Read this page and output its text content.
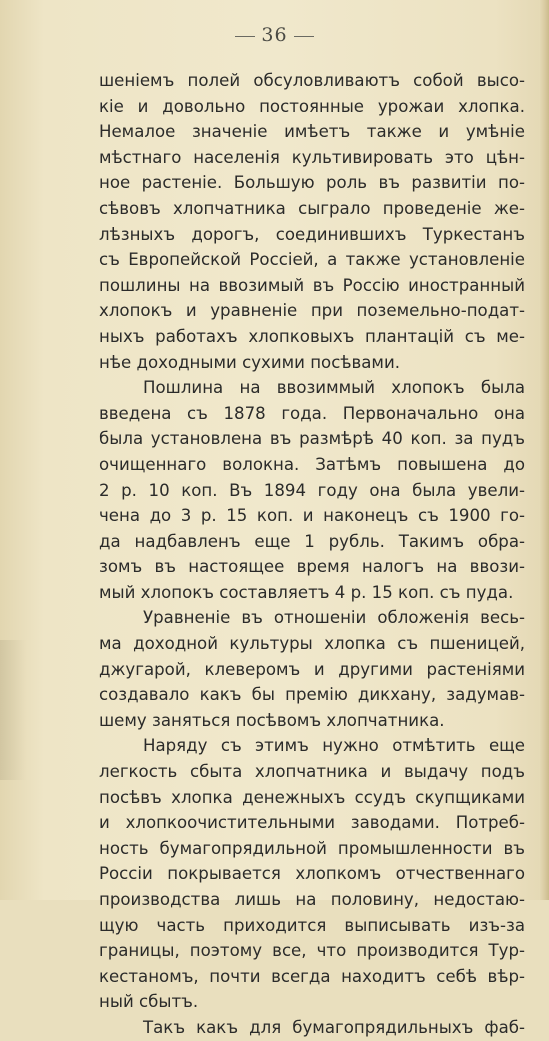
36
шеніемъ полей обсуловливаютъ собой высо-
кіе и довольно постоянные урожаи хлопка.
Немалое значеніе имѣетъ также и умѣніе
мѣстнаго населенія культивировать это цѣн-
ное растеніе. Большую роль въ развитіи по-
сѣвовъ хлопчатника сыграло проведеніе же-
лѣзныхъ дорогъ, соединившихъ Туркестанъ
съ Европейской Россіей, а также установленіе
пошлины на ввозимый въ Россію иностранный
хлопокъ и уравненіе при поземельно-подат-
ныхъ работахъ хлопковыхъ плантацій съ ме-
нѣе доходными сухими посѣвами.
Пошлина на ввозиммый хлопокъ была
введена съ 1878 года. Первоначально она
была установлена въ размѣрѣ 40 коп. за пудъ
очищеннаго волокна. Затѣмъ повышена до
2 р. 10 коп. Въ 1894 году она была увели-
чена до 3 р. 15 коп. и наконецъ съ 1900 го-
да надбавленъ еще 1 рубль. Такимъ обра-
зомъ въ настоящее время налогъ на ввози-
мый хлопокъ составляетъ 4 р. 15 коп. съ пуда.
Уравненіе въ отношеніи обложенія весь-
ма доходной культуры хлопка съ пшеницей,
джугарой, клеверомъ и другими растеніями
создавало какъ бы премію дикхану, задумав-
шему заняться посѣвомъ хлопчатника.
Наряду съ этимъ нужно отмѣтить еще
легкость сбыта хлопчатника и выдачу подъ
посѣвъ хлопка денежныхъ ссудъ скупщиками
и хлопкоочистительными заводами. Потреб-
ность бумагопрядильной промышленности въ
Россіи покрывается хлопкомъ отчественнаго
производства лишь на половину, недостаю-
щую часть приходится выписывать изъ-за
границы, поэтому все, что производится Тур-
кестаномъ, почти всегда находитъ себѣ вѣр-
ный сбытъ.
Такъ какъ для бумагопрядильныхъ фаб-
